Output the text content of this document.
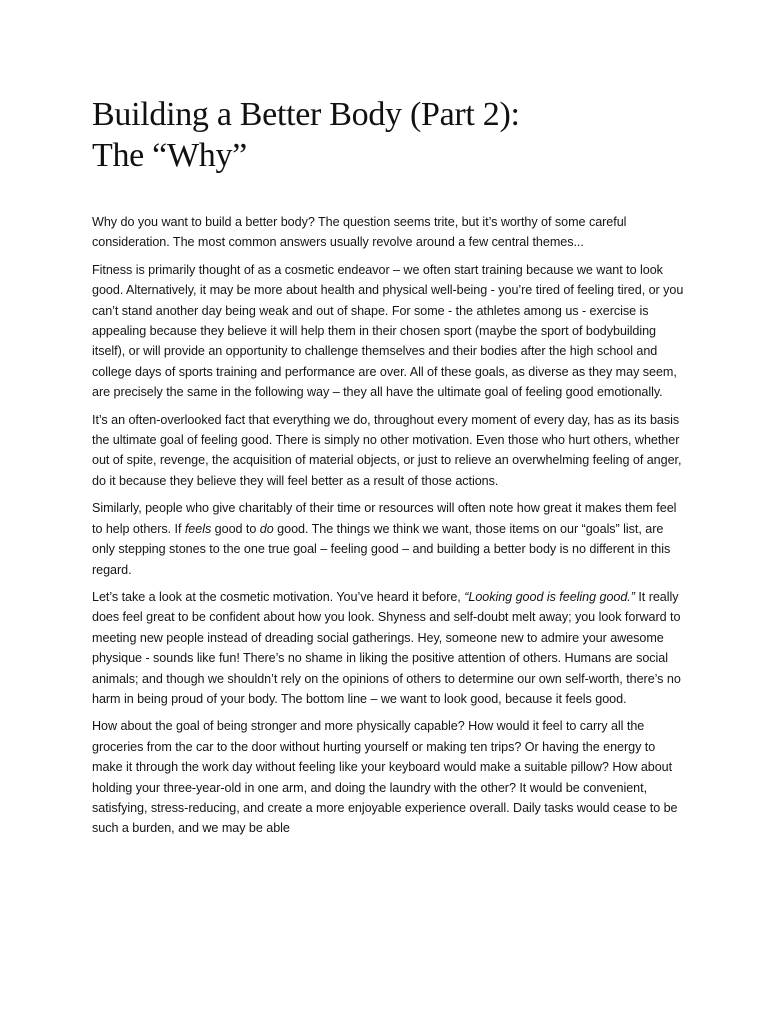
Building a Better Body (Part 2):
The “Why”

Why do you want to build a better body? The question seems trite, but it’s worthy of some careful consideration. The most common answers usually revolve around a few central themes...

Fitness is primarily thought of as a cosmetic endeavor – we often start training because we want to look good. Alternatively, it may be more about health and physical well-being - you’re tired of feeling tired, or you can’t stand another day being weak and out of shape. For some - the athletes among us - exercise is appealing because they believe it will help them in their chosen sport (maybe the sport of bodybuilding itself), or will provide an opportunity to challenge themselves and their bodies after the high school and college days of sports training and performance are over. All of these goals, as diverse as they may seem, are precisely the same in the following way – they all have the ultimate goal of feeling good emotionally.

It’s an often-overlooked fact that everything we do, throughout every moment of every day, has as its basis the ultimate goal of feeling good. There is simply no other motivation. Even those who hurt others, whether out of spite, revenge, the acquisition of material objects, or just to relieve an overwhelming feeling of anger, do it because they believe they will feel better as a result of those actions.

Similarly, people who give charitably of their time or resources will often note how great it makes them feel to help others. If feels good to do good. The things we think we want, those items on our “goals” list, are only stepping stones to the one true goal – feeling good – and building a better body is no different in this regard.

Let’s take a look at the cosmetic motivation. You’ve heard it before, “Looking good is feeling good.” It really does feel great to be confident about how you look. Shyness and self-doubt melt away; you look forward to meeting new people instead of dreading social gatherings. Hey, someone new to admire your awesome physique - sounds like fun! There’s no shame in liking the positive attention of others. Humans are social animals; and though we shouldn’t rely on the opinions of others to determine our own self-worth, there’s no harm in being proud of your body. The bottom line – we want to look good, because it feels good.

How about the goal of being stronger and more physically capable? How would it feel to carry all the groceries from the car to the door without hurting yourself or making ten trips? Or having the energy to make it through the work day without feeling like your keyboard would make a suitable pillow? How about holding your three-year-old in one arm, and doing the laundry with the other? It would be convenient, satisfying, stress-reducing, and create a more enjoyable experience overall. Daily tasks would cease to be such a burden, and we may be able
